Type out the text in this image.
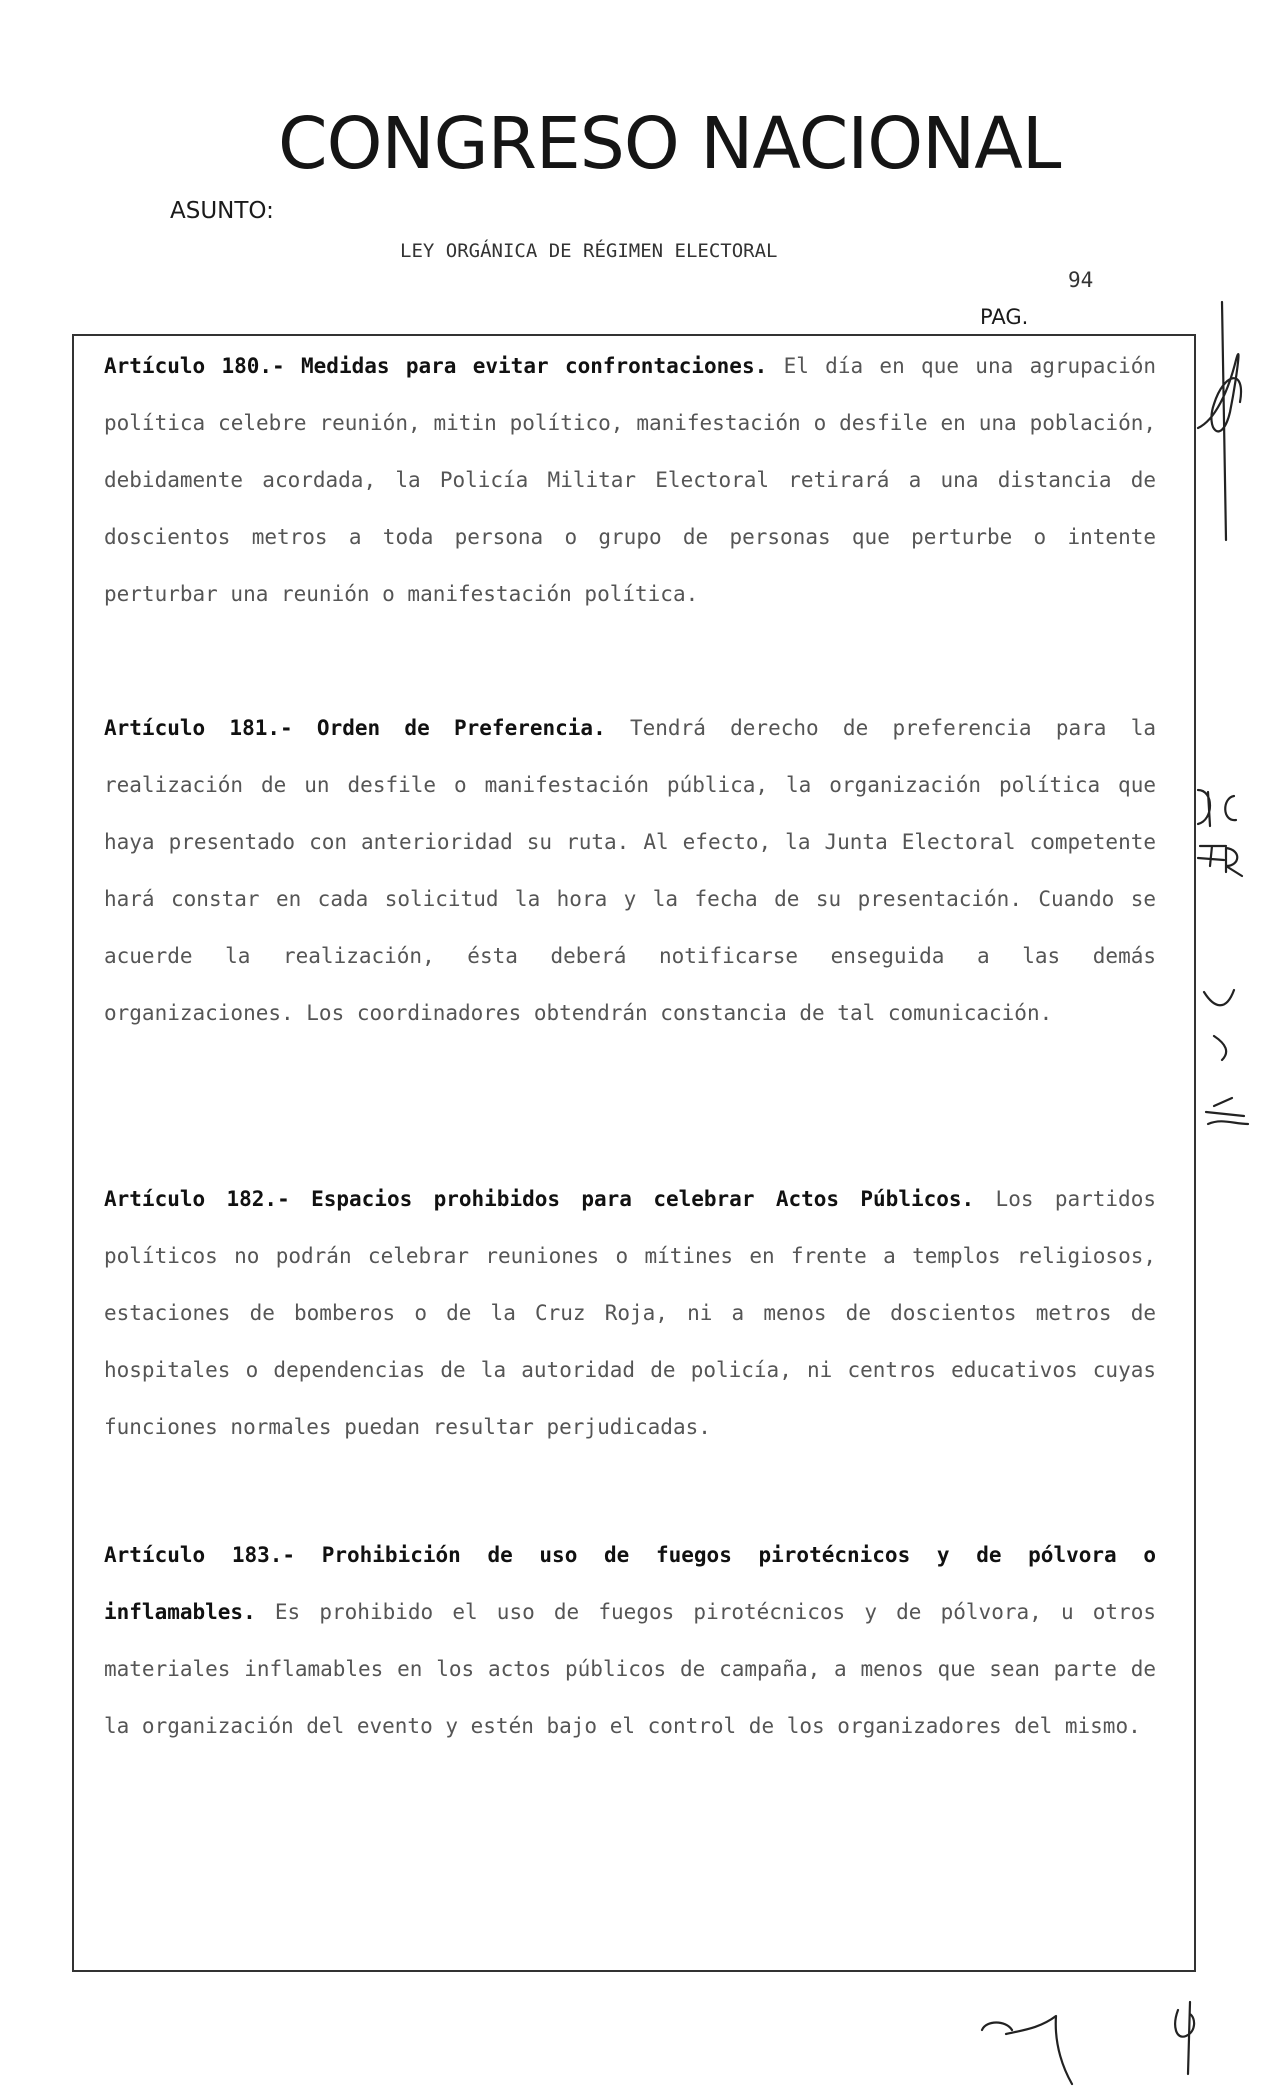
CONGRESO NACIONAL
ASUNTO:
LEY ORGÁNICA DE RÉGIMEN ELECTORAL
94
PAG.

Artículo 180.- Medidas para evitar confrontaciones. El día en que una agrupación política celebre reunión, mitin político, manifestación o desfile en una población, debidamente acordada, la Policía Militar Electoral retirará a una distancia de doscientos metros a toda persona o grupo de personas que perturbe o intente perturbar una reunión o manifestación política.

Artículo 181.- Orden de Preferencia. Tendrá derecho de preferencia para la realización de un desfile o manifestación pública, la organización política que haya presentado con anterioridad su ruta. Al efecto, la Junta Electoral competente hará constar en cada solicitud la hora y la fecha de su presentación. Cuando se acuerde la realización, ésta deberá notificarse enseguida a las demás organizaciones. Los coordinadores obtendrán constancia de tal comunicación.

Artículo 182.- Espacios prohibidos para celebrar Actos Públicos. Los partidos políticos no podrán celebrar reuniones o mítines en frente a templos religiosos, estaciones de bomberos o de la Cruz Roja, ni a menos de doscientos metros de hospitales o dependencias de la autoridad de policía, ni centros educativos cuyas funciones normales puedan resultar perjudicadas.

Artículo 183.- Prohibición de uso de fuegos pirotécnicos y de pólvora o inflamables. Es prohibido el uso de fuegos pirotécnicos y de pólvora, u otros materiales inflamables en los actos públicos de campaña, a menos que sean parte de la organización del evento y estén bajo el control de los organizadores del mismo.
